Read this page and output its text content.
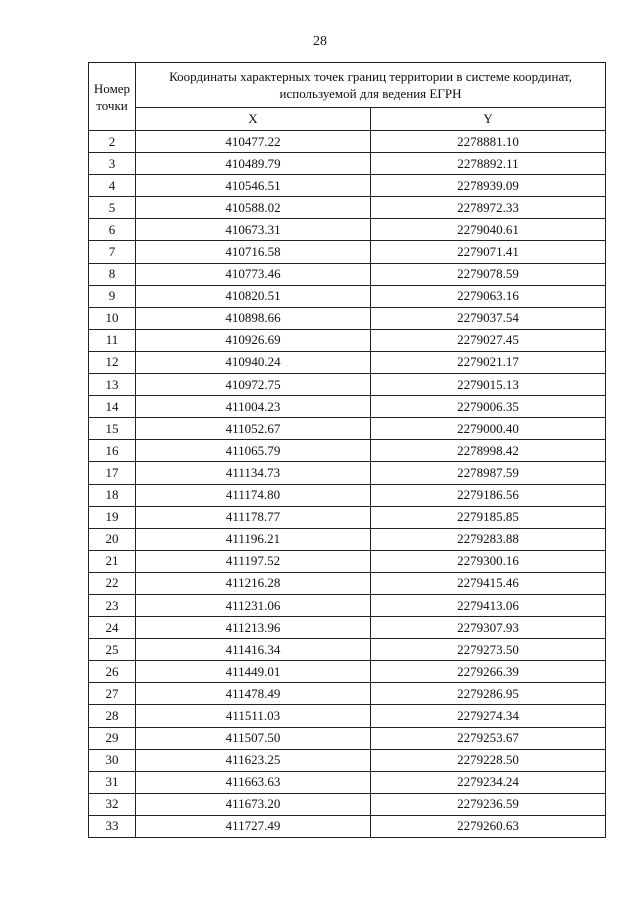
28
Номер точки	Координаты характерных точек границ территории в системе координат, используемой для ведения ЕГРН	
	X	Y
2	410477.22	2278881.10
3	410489.79	2278892.11
4	410546.51	2278939.09
5	410588.02	2278972.33
6	410673.31	2279040.61
7	410716.58	2279071.41
8	410773.46	2279078.59
9	410820.51	2279063.16
10	410898.66	2279037.54
11	410926.69	2279027.45
12	410940.24	2279021.17
13	410972.75	2279015.13
14	411004.23	2279006.35
15	411052.67	2279000.40
16	411065.79	2278998.42
17	411134.73	2278987.59
18	411174.80	2279186.56
19	411178.77	2279185.85
20	411196.21	2279283.88
21	411197.52	2279300.16
22	411216.28	2279415.46
23	411231.06	2279413.06
24	411213.96	2279307.93
25	411416.34	2279273.50
26	411449.01	2279266.39
27	411478.49	2279286.95
28	411511.03	2279274.34
29	411507.50	2279253.67
30	411623.25	2279228.50
31	411663.63	2279234.24
32	411673.20	2279236.59
33	411727.49	2279260.63
